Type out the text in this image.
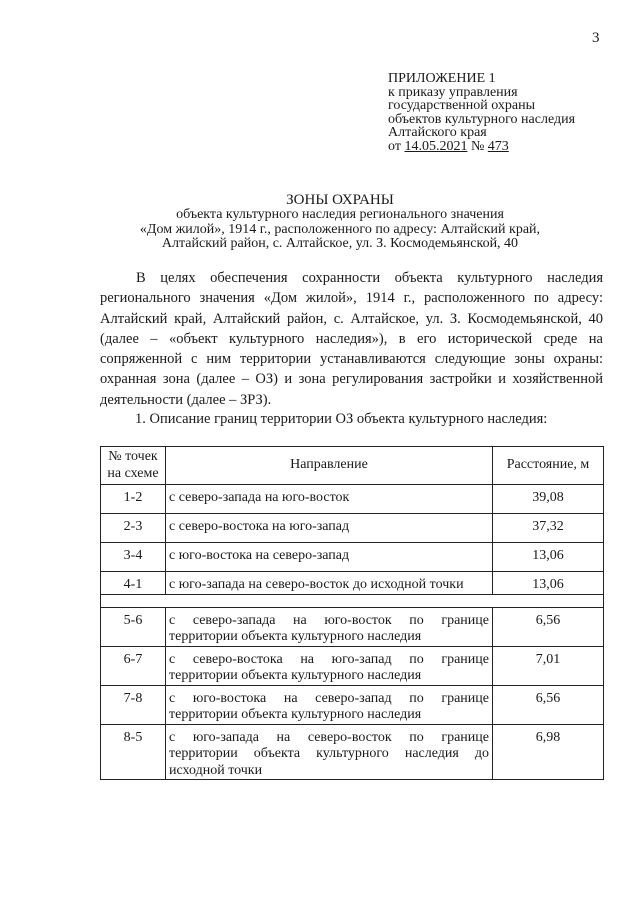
3
ПРИЛОЖЕНИЕ 1
к приказу управления
государственной охраны
объектов культурного наследия
Алтайского края
от 14.05.2021 № 473
ЗОНЫ ОХРАНЫ
объекта культурного наследия регионального значения
«Дом жилой», 1914 г., расположенного по адресу: Алтайский край,
Алтайский район, с. Алтайское, ул. З. Космодемьянской, 40
В целях обеспечения сохранности объекта культурного наследия регионального значения «Дом жилой», 1914 г., расположенного по адресу: Алтайский край, Алтайский район, с. Алтайское, ул. З. Космодемьянской, 40 (далее – «объект культурного наследия»), в его исторической среде на сопряженной с ним территории устанавливаются следующие зоны охраны: охранная зона (далее – ОЗ) и зона регулирования застройки и хозяйственной деятельности (далее – ЗРЗ).
1. Описание границ территории ОЗ объекта культурного наследия:
№ точек на схеме	Направление	Расстояние, м
1-2	с северо-запада на юго-восток	39,08
2-3	с северо-востока на юго-запад	37,32
3-4	с юго-востока на северо-запад	13,06
4-1	с юго-запада на северо-восток до исходной точки	13,06

5-6	с северо-запада на юго-восток по границе территории объекта культурного наследия	6,56
6-7	с северо-востока на юго-запад по границе территории объекта культурного наследия	7,01
7-8	с юго-востока на северо-запад по границе территории объекта культурного наследия	6,56
8-5	с юго-запада на северо-восток по границе территории объекта культурного наследия до исходной точки	6,98
